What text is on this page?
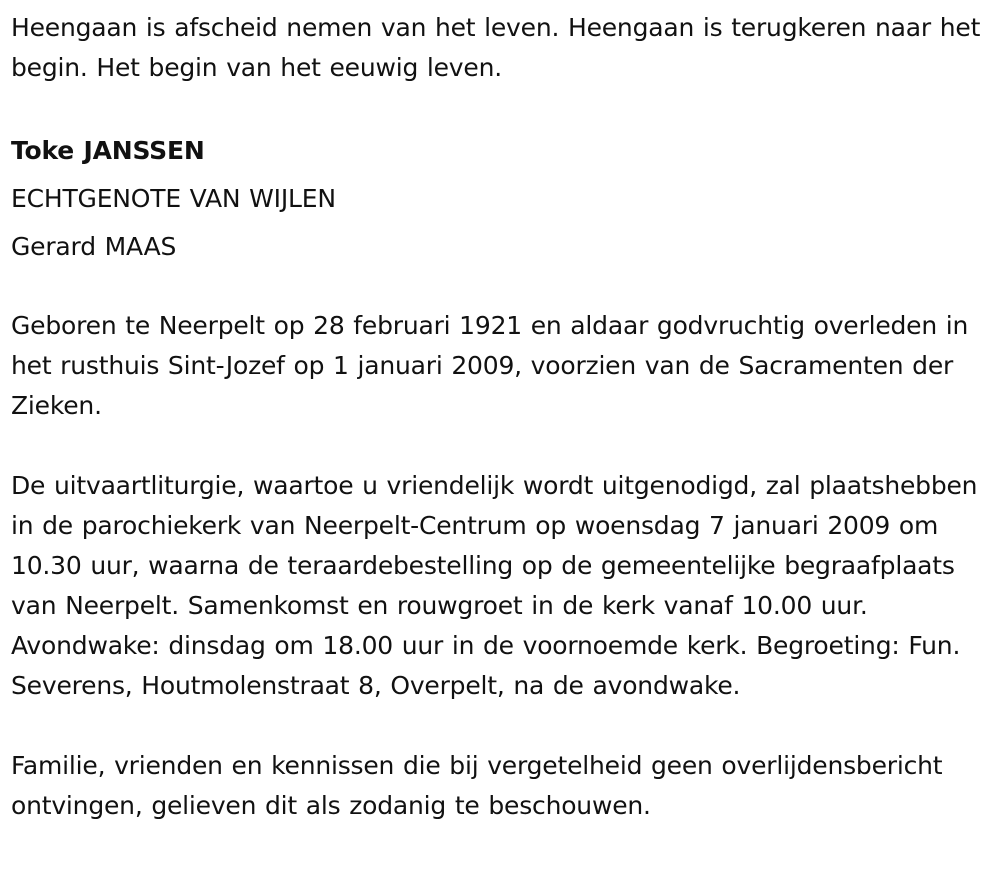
Heengaan is afscheid nemen van het leven. Heengaan is terugkeren naar het begin. Het begin van het eeuwig leven.

Toke JANSSEN
ECHTGENOTE VAN WIJLEN
Gerard MAAS

Geboren te Neerpelt op 28 februari 1921 en aldaar godvruchtig overleden in het rusthuis Sint-Jozef op 1 januari 2009, voorzien van de Sacramenten der Zieken.

De uitvaartliturgie, waartoe u vriendelijk wordt uitgenodigd, zal plaatshebben in de parochiekerk van Neerpelt-Centrum op woensdag 7 januari 2009 om 10.30 uur, waarna de teraardebestelling op de gemeentelijke begraafplaats van Neerpelt. Samenkomst en rouwgroet in de kerk vanaf 10.00 uur. Avondwake: dinsdag om 18.00 uur in de voornoemde kerk. Begroeting: Fun. Severens, Houtmolenstraat 8, Overpelt, na de avondwake.

Familie, vrienden en kennissen die bij vergetelheid geen overlijdensbericht ontvingen, gelieven dit als zodanig te beschouwen.
